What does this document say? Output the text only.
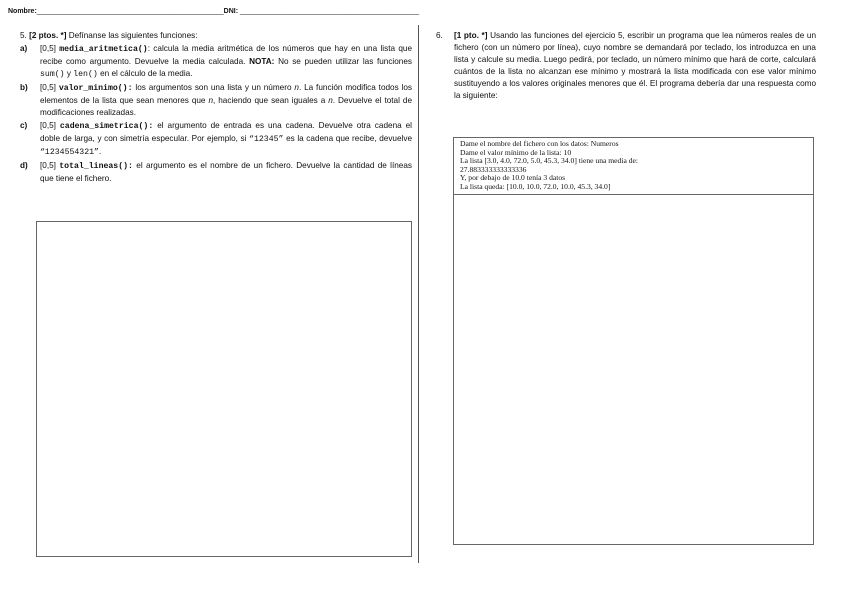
Nombre:________________________________________________DNI: ______________________________________________
5. [2 ptos. *] Defínanse las siguientes funciones:
a)	[0,5] media_aritmetica(): calcula la media aritmética de los números que hay en una lista que recibe como argumento. Devuelve la media calculada. NOTA: No se pueden utilizar las funciones sum() y len() en el cálculo de la media.
b)	[0,5] valor_minimo(): los argumentos son una lista y un número n. La función modifica todos los elementos de la lista que sean menores que n, haciendo que sean iguales a n. Devuelve el total de modificaciones realizadas.
c)	[0,5] cadena_simetrica(): el argumento de entrada es una cadena. Devuelve otra cadena el doble de larga, y con simetría especular. Por ejemplo, si “12345” es la cadena que recibe, devuelve “1234554321”.
d)	[0,5] total_lineas(): el argumento es el nombre de un fichero. Devuelve la cantidad de líneas que tiene el fichero.
6.	[1 pto. *] Usando las funciones del ejercicio 5, escribir un programa que lea números reales de un fichero (con un número por línea), cuyo nombre se demandará por teclado, los introduzca en una lista y calcule su media. Luego pedirá, por teclado, un número mínimo que hará de corte, calculará cuántos de la lista no alcanzan ese mínimo y mostrará la lista modificada con ese valor mínimo sustituyendo a los valores originales menores que él. El programa debería dar una respuesta como la siguiente:
Dame el nombre del fichero con los datos: Numeros
Dame el valor mínimo de la lista: 10
La lista [3.0, 4.0, 72.0, 5.0, 45.3, 34.0] tiene una media de:
27.883333333333336
Y, por debajo de 10.0 tenía 3 datos
La lista queda: [10.0, 10.0, 72.0, 10.0, 45.3, 34.0]
